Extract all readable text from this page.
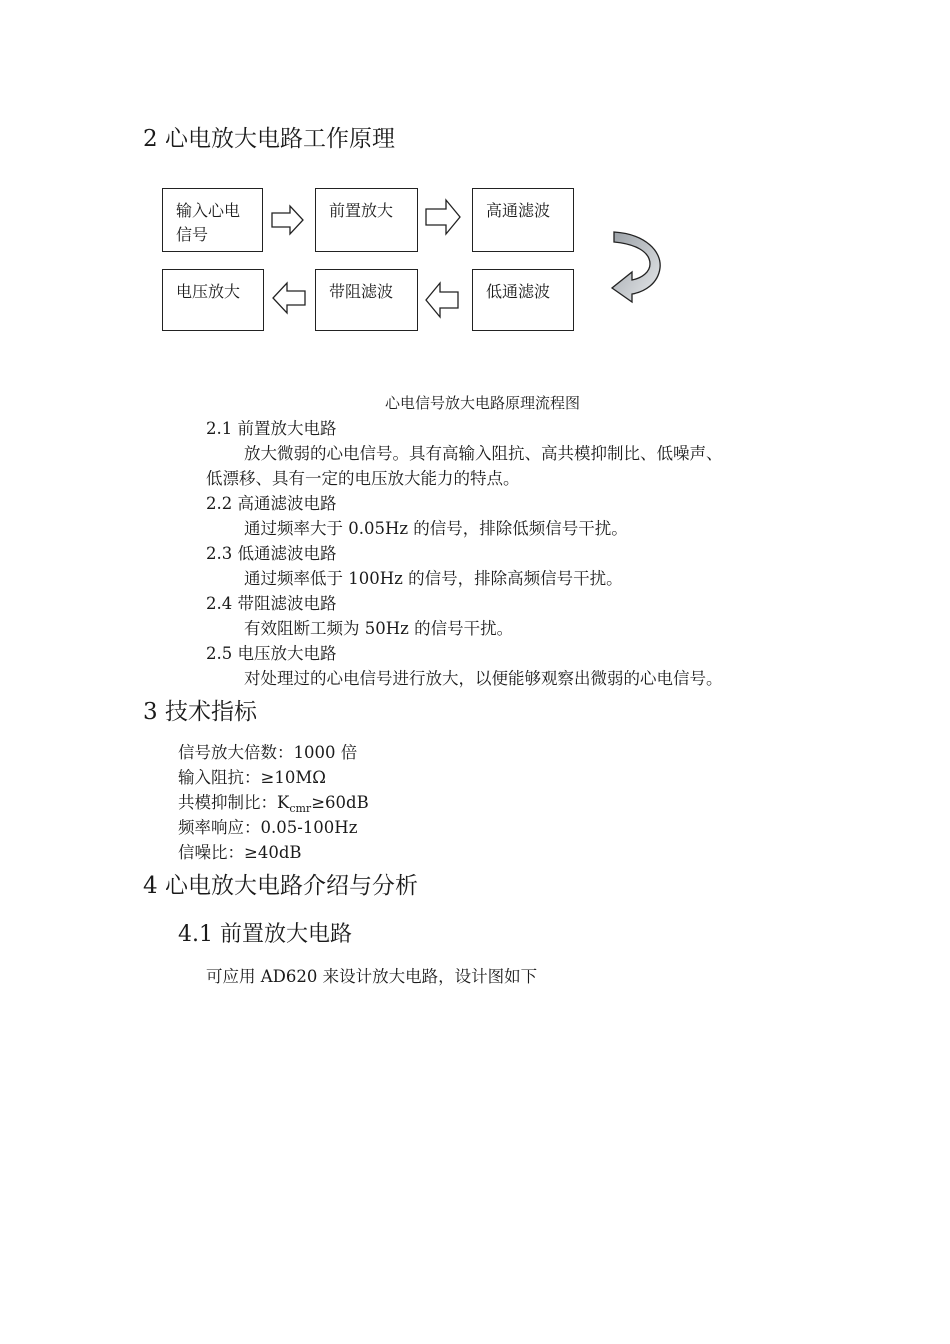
2 心电放大电路工作原理
输入心电信号
前置放大	高通滤波
电压放大	带阻滤波	低通滤波
心电信号放大电路原理流程图
2.1 前置放大电路
放大微弱的心电信号。具有高输入阻抗、高共模抑制比、低噪声、
低漂移、具有一定的电压放大能力的特点。
2.2 高通滤波电路
通过频率大于 0.05Hz 的信号，排除低频信号干扰。
2.3 低通滤波电路
通过频率低于 100Hz 的信号，排除高频信号干扰。
2.4 带阻滤波电路
有效阻断工频为 50Hz 的信号干扰。
2.5 电压放大电路
对处理过的心电信号进行放大，以便能够观察出微弱的心电信号。
3 技术指标
信号放大倍数：1000 倍
输入阻抗：≥10MΩ
共模抑制比：$K_{cmr}\ge 60dB$
频率响应：0.05-100Hz
信噪比：≥40dB
4 心电放大电路介绍与分析
4.1 前置放大电路
可应用 AD620 来设计放大电路，设计图如下
